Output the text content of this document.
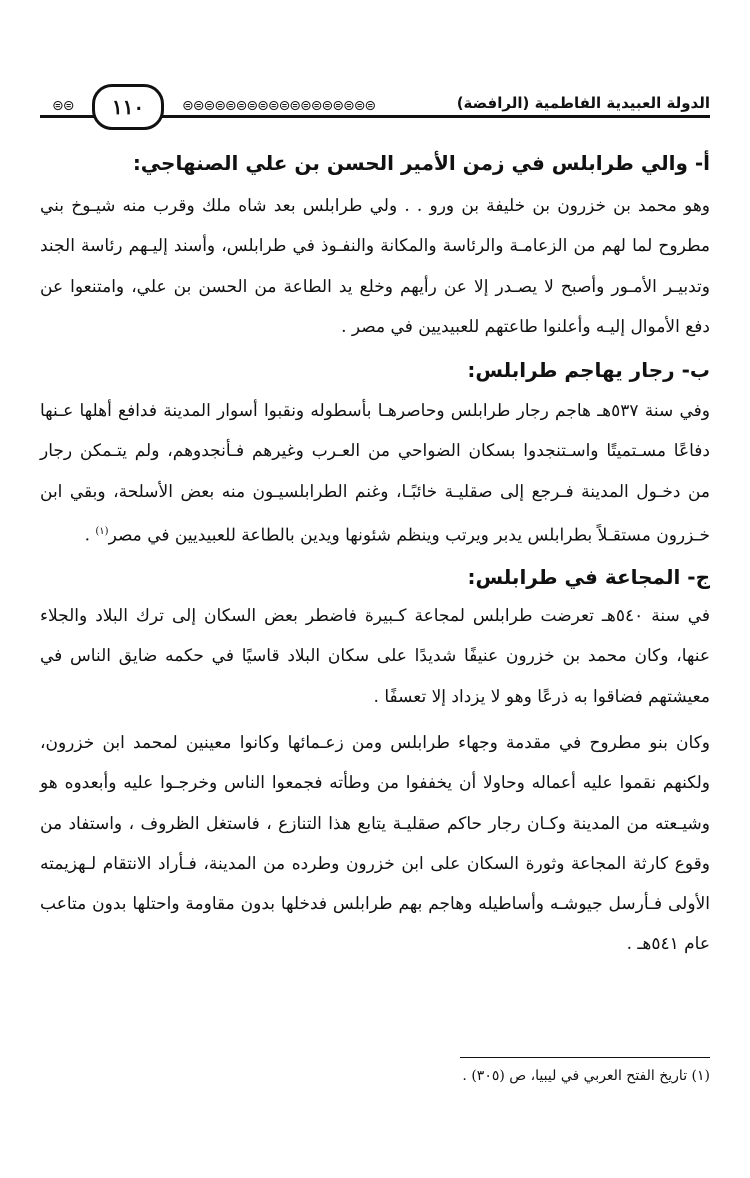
⊜⊜	١١٠	⊜⊜⊜⊜⊜⊜⊜⊜⊜⊜⊜⊜⊜⊜⊜⊜⊜⊜	الدولة العبيدية الفاطمية (الرافضة)
أ- والي طرابلس في زمن الأمير الحسن بن علي الصنهاجي:

وهو محمد بن خزرون بن خليفة بن ورو . . ولي طرابلس بعد شاه ملك وقرب منه شيـوخ بني مطروح لما لهم من الزعامـة والرئاسة والمكانة والنفـوذ في طرابلس، وأسند إليـهم رئاسة الجند وتدبيـر الأمـور وأصبح لا يصـدر إلا عن رأيهم وخلع يد الطاعة من الحسن بن علي، وامتنعوا عن دفع الأموال إليـه وأعلنوا طاعتهم للعبيديين في مصر .

ب- رجار يهاجم طرابلس:

وفي سنة ٥٣٧هـ هاجم رجار طرابلس وحاصرهـا بأسطوله ونقبوا أسوار المدينة فدافع أهلها عـنها دفاعًا مسـتميتًا واسـتنجدوا بسكان الضواحي من العـرب وغيرهم فـأنجدوهم، ولم يتـمكن رجار من دخـول المدينة فـرجع إلى صقليـة خائبًـا، وغنم الطرابلسيـون منه بعض الأسلحة، وبقي ابن خـزرون مستقـلاً بطرابلس يدبر ويرتب وينظم شئونها ويدين بالطاعة للعبيديين في مصر$^{(١)}$ .

ج- المجاعة في طرابلس:

في سنة ٥٤٠هـ تعرضت طرابلس لمجاعة كـبيرة فاضطر بعض السكان إلى ترك البلاد والجلاء عنها، وكان محمد بن خزرون عنيفًا شديدًا على سكان البلاد قاسيًا في حكمه ضايق الناس في معيشتهم فضاقوا به ذرعًا وهو لا يزداد إلا تعسفًا .

وكان بنو مطروح في مقدمة وجهاء طرابلس ومن زعـمائها وكانوا معينين لمحمد ابن خزرون، ولكنهم نقموا عليه أعماله وحاولا أن يخففوا من وطأته فجمعوا الناس وخرجـوا عليه وأبعدوه هو وشيـعته من المدينة وكـان رجار حاكم صقليـة يتابع هذا التنازع ، فاستغل الظروف ، واستفاد من وقوع كارثة المجاعة وثورة السكان على ابن خزرون وطرده من المدينة، فـأراد الانتقام لـهزيمته الأولى فـأرسل جيوشـه وأساطيله وهاجم بهم طرابلس فدخلها بدون مقاومة واحتلها بدون متاعب عام ٥٤١هـ .

(١) تاريخ الفتح العربي في ليبيا، ص (٣٠٥) .
